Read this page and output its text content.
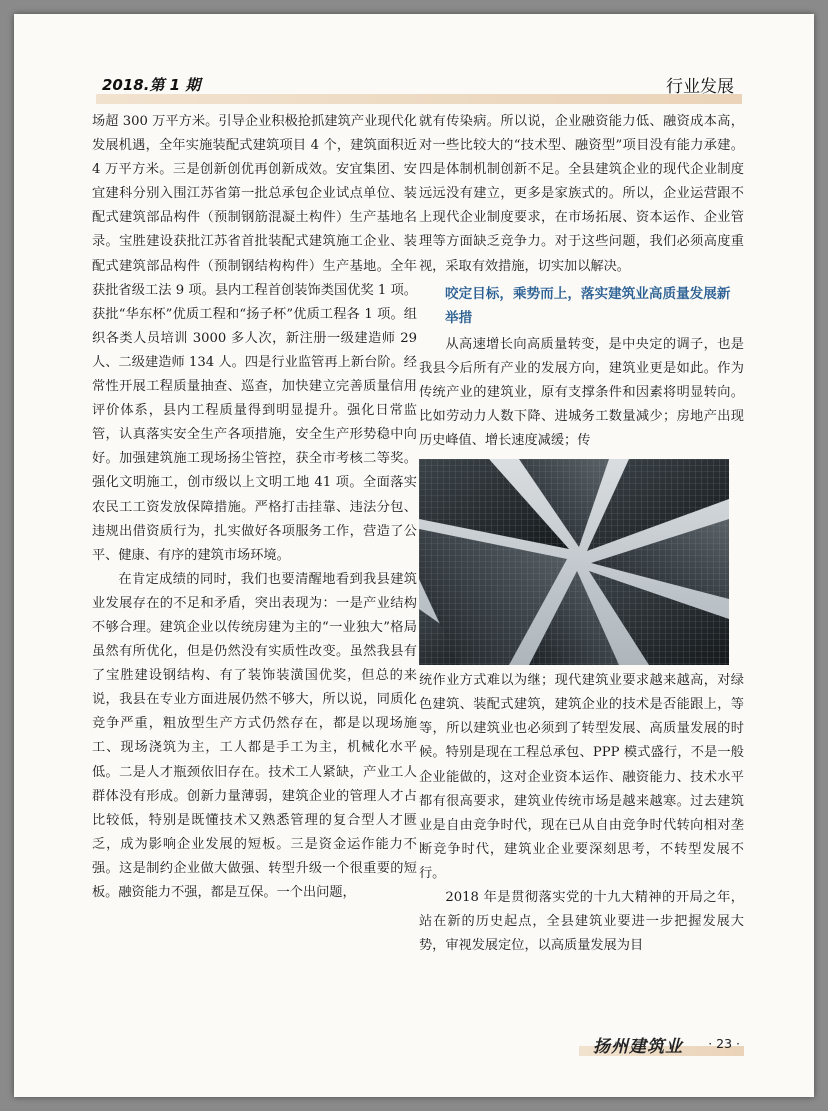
2018.第 1 期	行业发展

场超 300 万平方米。引导企业积极抢抓建筑产业现代化发展机遇，全年实施装配式建筑项目 4 个，建筑面积近 4 万平方米。三是创新创优再创新成效。安宜集团、安宜建科分别入围江苏省第一批总承包企业试点单位、装配式建筑部品构件（预制钢筋混凝土构件）生产基地名录。宝胜建设获批江苏省首批装配式建筑施工企业、装配式建筑部品构件（预制钢结构构件）生产基地。全年获批省级工法 9 项。县内工程首创装饰类国优奖 1 项。获批“华东杯”优质工程和“扬子杯”优质工程各 1 项。组织各类人员培训 3000 多人次，新注册一级建造师 29 人、二级建造师 134 人。四是行业监管再上新台阶。经常性开展工程质量抽查、巡查，加快建立完善质量信用评价体系，县内工程质量得到明显提升。强化日常监管，认真落实安全生产各项措施，安全生产形势稳中向好。加强建筑施工现场扬尘管控，获全市考核二等奖。强化文明施工，创市级以上文明工地 41 项。全面落实农民工工资发放保障措施。严格打击挂靠、违法分包、违规出借资质行为，扎实做好各项服务工作，营造了公平、健康、有序的建筑市场环境。

在肯定成绩的同时，我们也要清醒地看到我县建筑业发展存在的不足和矛盾，突出表现为：一是产业结构不够合理。建筑企业以传统房建为主的“一业独大”格局虽然有所优化，但是仍然没有实质性改变。虽然我县有了宝胜建设钢结构、有了装饰装潢国优奖，但总的来说，我县在专业方面进展仍然不够大，所以说，同质化竞争严重，粗放型生产方式仍然存在，都是以现场施工、现场浇筑为主，工人都是手工为主，机械化水平低。二是人才瓶颈依旧存在。技术工人紧缺，产业工人群体没有形成。创新力量薄弱，建筑企业的管理人才占比较低，特别是既懂技术又熟悉管理的复合型人才匮乏，成为影响企业发展的短板。三是资金运作能力不强。这是制约企业做大做强、转型升级一个很重要的短板。融资能力不强，都是互保。一个出问题，

就有传染病。所以说，企业融资能力低、融资成本高，对一些比较大的“技术型、融资型”项目没有能力承建。四是体制机制创新不足。全县建筑企业的现代企业制度远远没有建立，更多是家族式的。所以，企业运营跟不上现代企业制度要求，在市场拓展、资本运作、企业管理等方面缺乏竞争力。对于这些问题，我们必须高度重视，采取有效措施，切实加以解决。

咬定目标，乘势而上，落实建筑业高质量发展新举措

从高速增长向高质量转变，是中央定的调子，也是我县今后所有产业的发展方向，建筑业更是如此。作为传统产业的建筑业，原有支撑条件和因素将明显转向。比如劳动力人数下降、进城务工数量减少；房地产出现历史峰值、增长速度减缓；传

统作业方式难以为继；现代建筑业要求越来越高，对绿色建筑、装配式建筑，建筑企业的技术是否能跟上，等等，所以建筑业也必须到了转型发展、高质量发展的时候。特别是现在工程总承包、PPP 模式盛行，不是一般企业能做的，这对企业资本运作、融资能力、技术水平都有很高要求，建筑业传统市场是越来越寒。过去建筑业是自由竞争时代，现在已从自由竞争时代转向相对垄断竞争时代，建筑业企业要深刻思考，不转型发展不行。

2018 年是贯彻落实党的十九大精神的开局之年，站在新的历史起点，全县建筑业要进一步把握发展大势，审视发展定位，以高质量发展为目

扬州建筑业 · 23 ·
